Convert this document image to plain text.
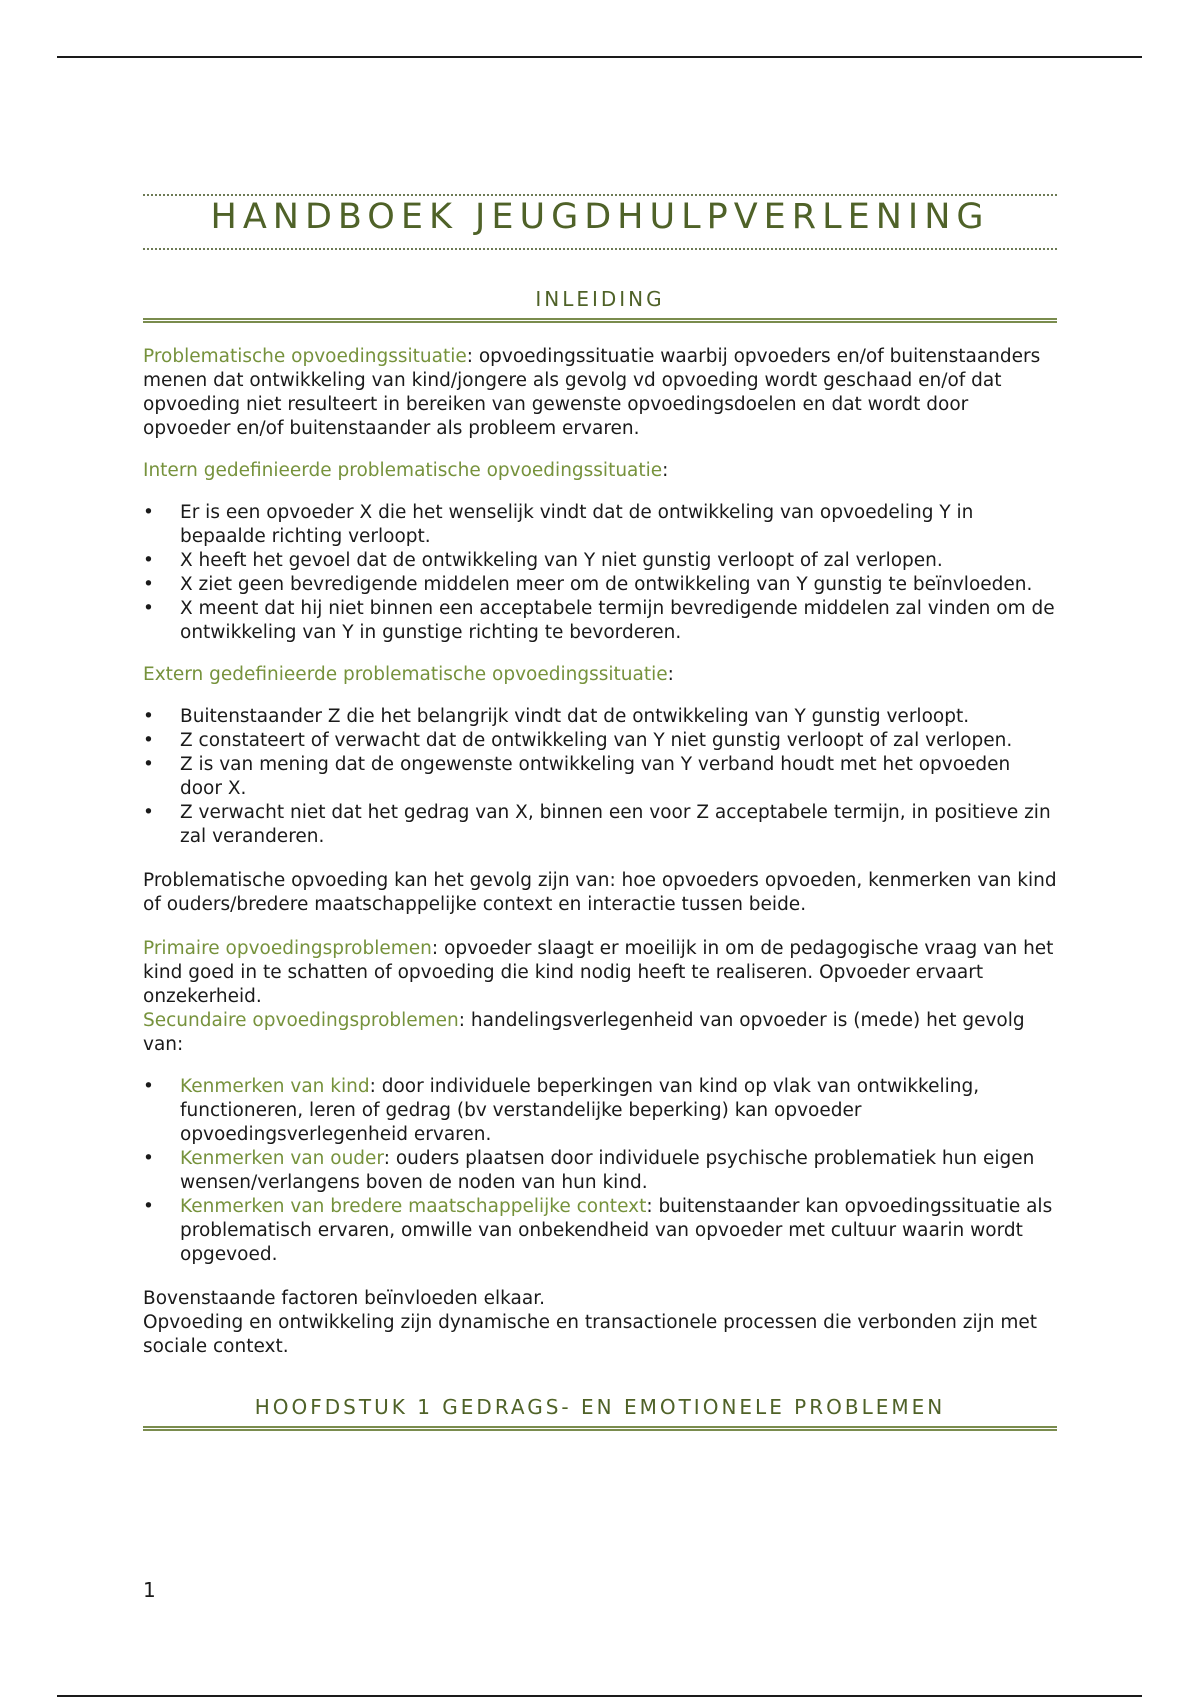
HANDBOEK JEUGDHULPVERLENING
INLEIDING

Problematische opvoedingssituatie: opvoedingssituatie waarbij opvoeders en/of buitenstaanders menen dat ontwikkeling van kind/jongere als gevolg vd opvoeding wordt geschaad en/of dat opvoeding niet resulteert in bereiken van gewenste opvoedingsdoelen en dat wordt door opvoeder en/of buitenstaander als probleem ervaren.

Intern gedefinieerde problematische opvoedingssituatie:

• Er is een opvoeder X die het wenselijk vindt dat de ontwikkeling van opvoedeling Y in bepaalde richting verloopt.
• X heeft het gevoel dat de ontwikkeling van Y niet gunstig verloopt of zal verlopen.
• X ziet geen bevredigende middelen meer om de ontwikkeling van Y gunstig te beïnvloeden.
• X meent dat hij niet binnen een acceptabele termijn bevredigende middelen zal vinden om de ontwikkeling van Y in gunstige richting te bevorderen.

Extern gedefinieerde problematische opvoedingssituatie:

• Buitenstaander Z die het belangrijk vindt dat de ontwikkeling van Y gunstig verloopt.
• Z constateert of verwacht dat de ontwikkeling van Y niet gunstig verloopt of zal verlopen.
• Z is van mening dat de ongewenste ontwikkeling van Y verband houdt met het opvoeden door X.
• Z verwacht niet dat het gedrag van X, binnen een voor Z acceptabele termijn, in positieve zin zal veranderen.

Problematische opvoeding kan het gevolg zijn van: hoe opvoeders opvoeden, kenmerken van kind of ouders/bredere maatschappelijke context en interactie tussen beide.

Primaire opvoedingsproblemen: opvoeder slaagt er moeilijk in om de pedagogische vraag van het kind goed in te schatten of opvoeding die kind nodig heeft te realiseren. Opvoeder ervaart onzekerheid.

Secundaire opvoedingsproblemen: handelingsverlegenheid van opvoeder is (mede) het gevolg van:

• Kenmerken van kind: door individuele beperkingen van kind op vlak van ontwikkeling, functioneren, leren of gedrag (bv verstandelijke beperking) kan opvoeder opvoedingsverlegenheid ervaren.
• Kenmerken van ouder: ouders plaatsen door individuele psychische problematiek hun eigen wensen/verlangens boven de noden van hun kind.
• Kenmerken van bredere maatschappelijke context: buitenstaander kan opvoedingssituatie als problematisch ervaren, omwille van onbekendheid van opvoeder met cultuur waarin wordt opgevoed.

Bovenstaande factoren beïnvloeden elkaar.

Opvoeding en ontwikkeling zijn dynamische en transactionele processen die verbonden zijn met sociale context.

HOOFDSTUK 1 GEDRAGS- EN EMOTIONELE PROBLEMEN
1
